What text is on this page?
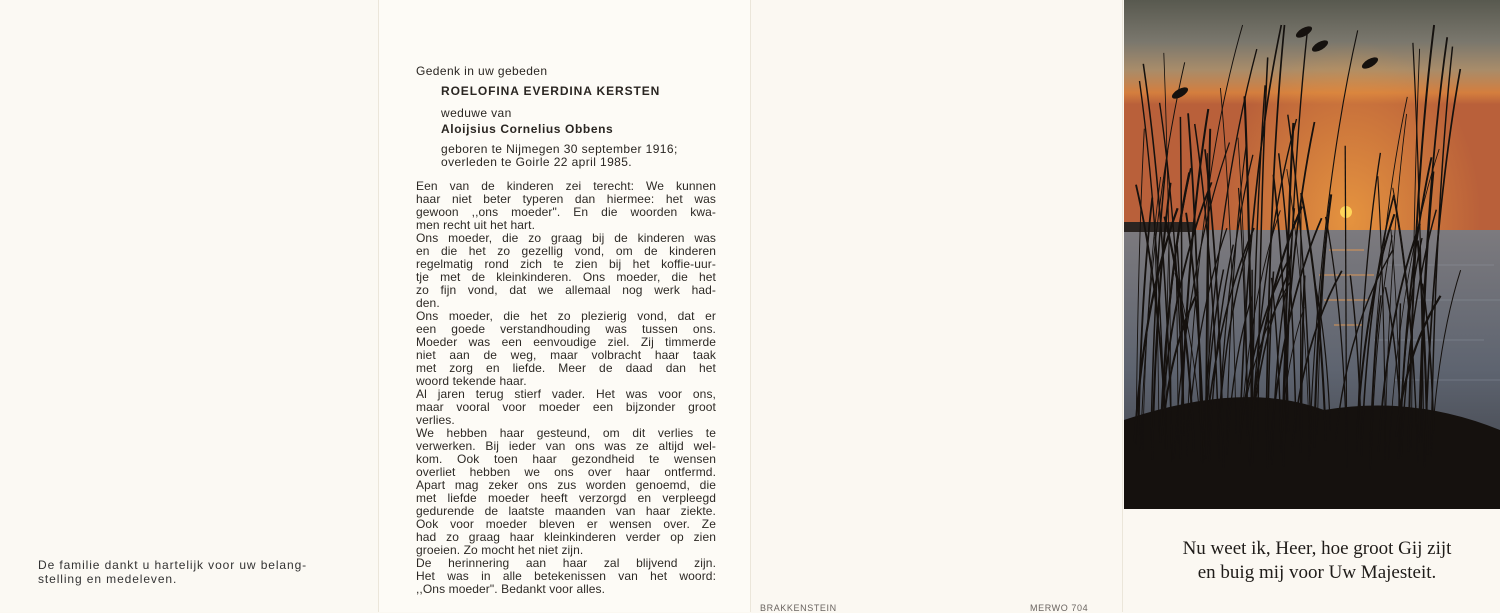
De familie dankt u hartelijk voor uw belang-
stelling en medeleven.
Gedenk in uw gebeden
ROELOFINA EVERDINA KERSTEN
weduwe van
Aloijsius Cornelius Obbens
geboren te Nijmegen 30 september 1916;
overleden te Goirle 22 april 1985.
Een van de kinderen zei terecht: We kunnen
haar niet beter typeren dan hiermee: het was
gewoon ,,ons moeder". En die woorden kwa-
men recht uit het hart.
Ons moeder, die zo graag bij de kinderen was
en die het zo gezellig vond, om de kinderen
regelmatig rond zich te zien bij het koffie-uur-
tje met de kleinkinderen. Ons moeder, die het
zo fijn vond, dat we allemaal nog werk had-
den.
Ons moeder, die het zo plezierig vond, dat er
een goede verstandhouding was tussen ons.
Moeder was een eenvoudige ziel. Zij timmerde
niet aan de weg, maar volbracht haar taak
met zorg en liefde. Meer de daad dan het
woord tekende haar.
Al jaren terug stierf vader. Het was voor ons,
maar vooral voor moeder een bijzonder groot
verlies.
We hebben haar gesteund, om dit verlies te
verwerken. Bij ieder van ons was ze altijd wel-
kom. Ook toen haar gezondheid te wensen
overliet hebben we ons over haar ontfermd.
Apart mag zeker ons zus worden genoemd, die
met liefde moeder heeft verzorgd en verpleegd
gedurende de laatste maanden van haar ziekte.
Ook voor moeder bleven er wensen over. Ze
had zo graag haar kleinkinderen verder op zien
groeien. Zo mocht het niet zijn.
De herinnering aan haar zal blijvend zijn.
Het was in alle betekenissen van het woord:
,,Ons moeder". Bedankt voor alles.
BRAKKENSTEIN	MERWO 704
Nu weet ik, Heer, hoe groot Gij zijt
en buig mij voor Uw Majesteit.
